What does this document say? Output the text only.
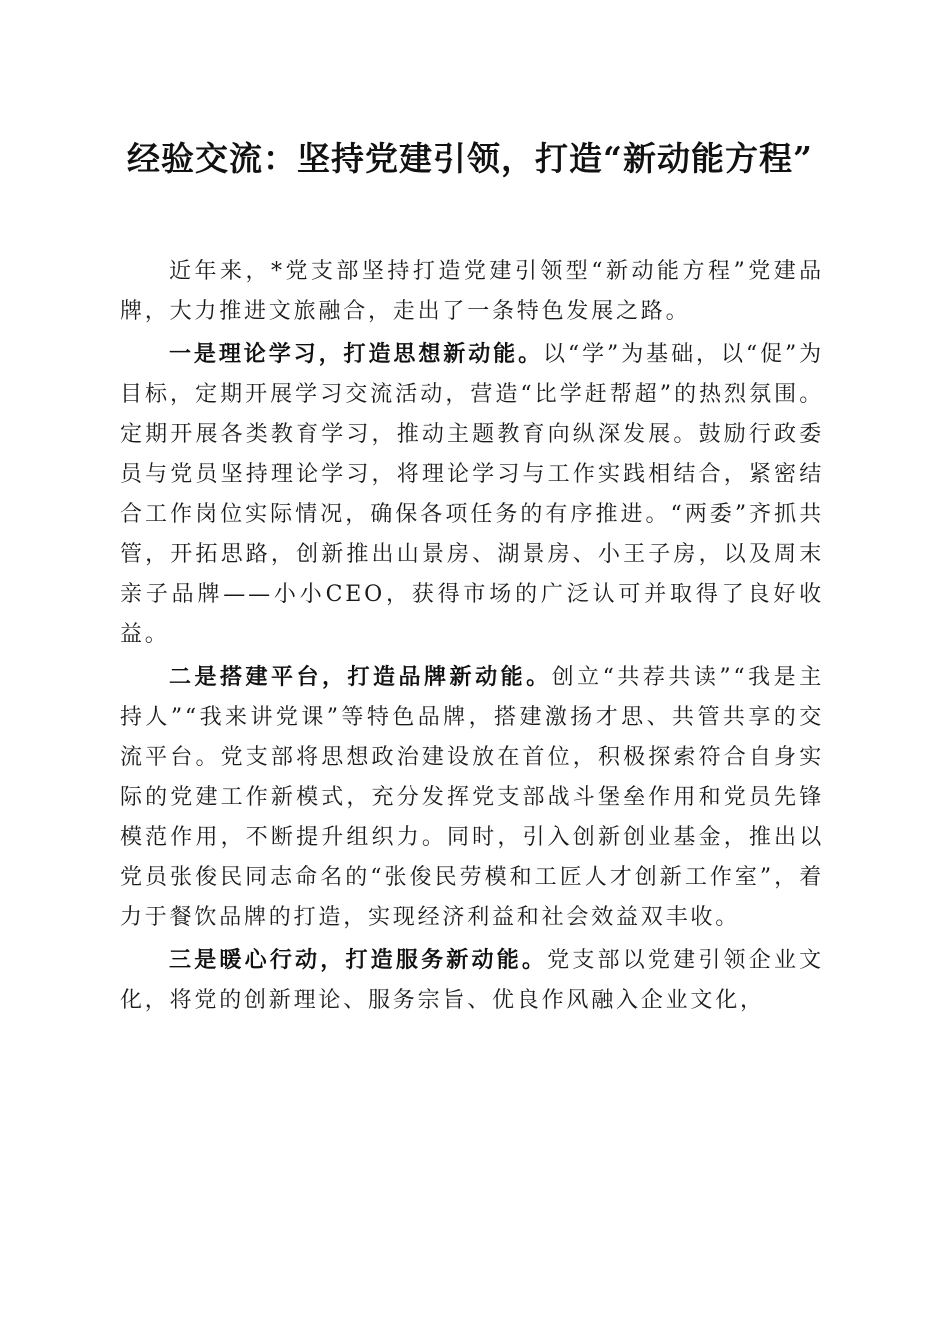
经验交流：坚持党建引领，打造“新动能方程”

近年来，*党支部坚持打造党建引领型“新动能方程”党建品牌，大力推进文旅融合，走出了一条特色发展之路。

一是理论学习，打造思想新动能。以“学”为基础，以“促”为目标，定期开展学习交流活动，营造“比学赶帮超”的热烈氛围。定期开展各类教育学习，推动主题教育向纵深发展。鼓励行政委员与党员坚持理论学习，将理论学习与工作实践相结合，紧密结合工作岗位实际情况，确保各项任务的有序推进。“两委”齐抓共管，开拓思路，创新推出山景房、湖景房、小王子房，以及周末亲子品牌——小小CEO，获得市场的广泛认可并取得了良好收益。

二是搭建平台，打造品牌新动能。创立“共荐共读”“我是主持人”“我来讲党课”等特色品牌，搭建激扬才思、共管共享的交流平台。党支部将思想政治建设放在首位，积极探索符合自身实际的党建工作新模式，充分发挥党支部战斗堡垒作用和党员先锋模范作用，不断提升组织力。同时，引入创新创业基金，推出以党员张俊民同志命名的“张俊民劳模和工匠人才创新工作室”，着力于餐饮品牌的打造，实现经济利益和社会效益双丰收。

三是暖心行动，打造服务新动能。党支部以党建引领企业文化，将党的创新理论、服务宗旨、优良作风融入企业文化，
